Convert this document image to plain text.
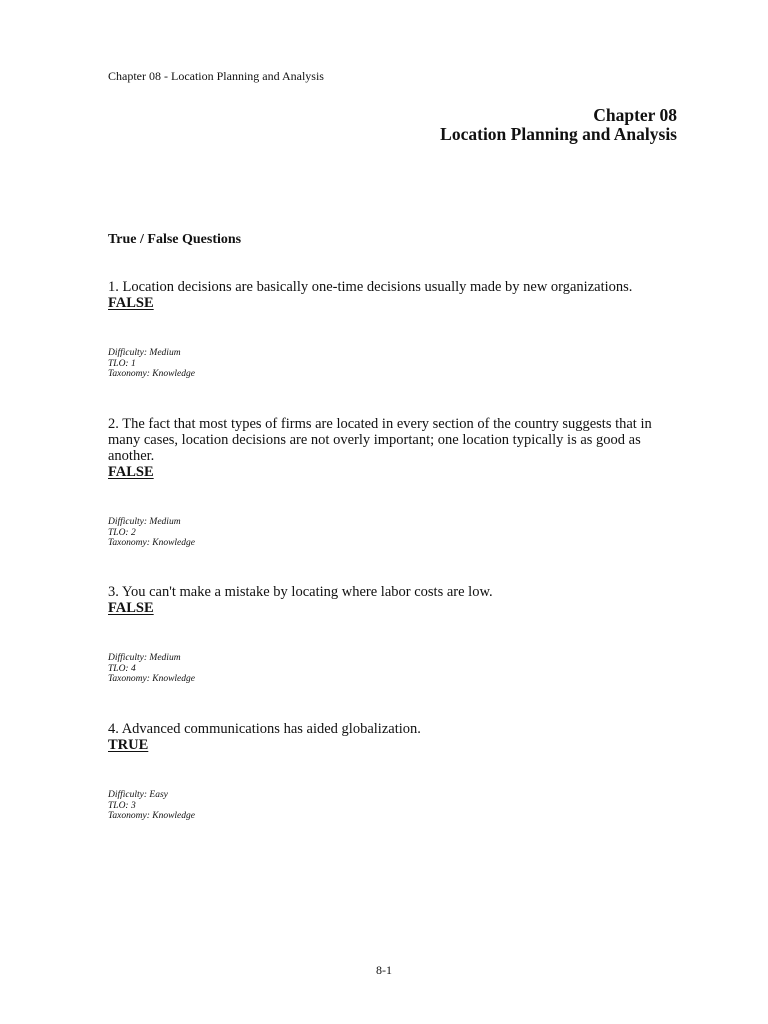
Chapter 08 - Location Planning and Analysis
Chapter 08
Location Planning and Analysis
True / False Questions
1. Location decisions are basically one-time decisions usually made by new organizations.
FALSE
Difficulty: Medium
TLO: 1
Taxonomy: Knowledge
2. The fact that most types of firms are located in every section of the country suggests that in many cases, location decisions are not overly important; one location typically is as good as another.
FALSE
Difficulty: Medium
TLO: 2
Taxonomy: Knowledge
3. You can't make a mistake by locating where labor costs are low.
FALSE
Difficulty: Medium
TLO: 4
Taxonomy: Knowledge
4. Advanced communications has aided globalization.
TRUE
Difficulty: Easy
TLO: 3
Taxonomy: Knowledge
8-1
